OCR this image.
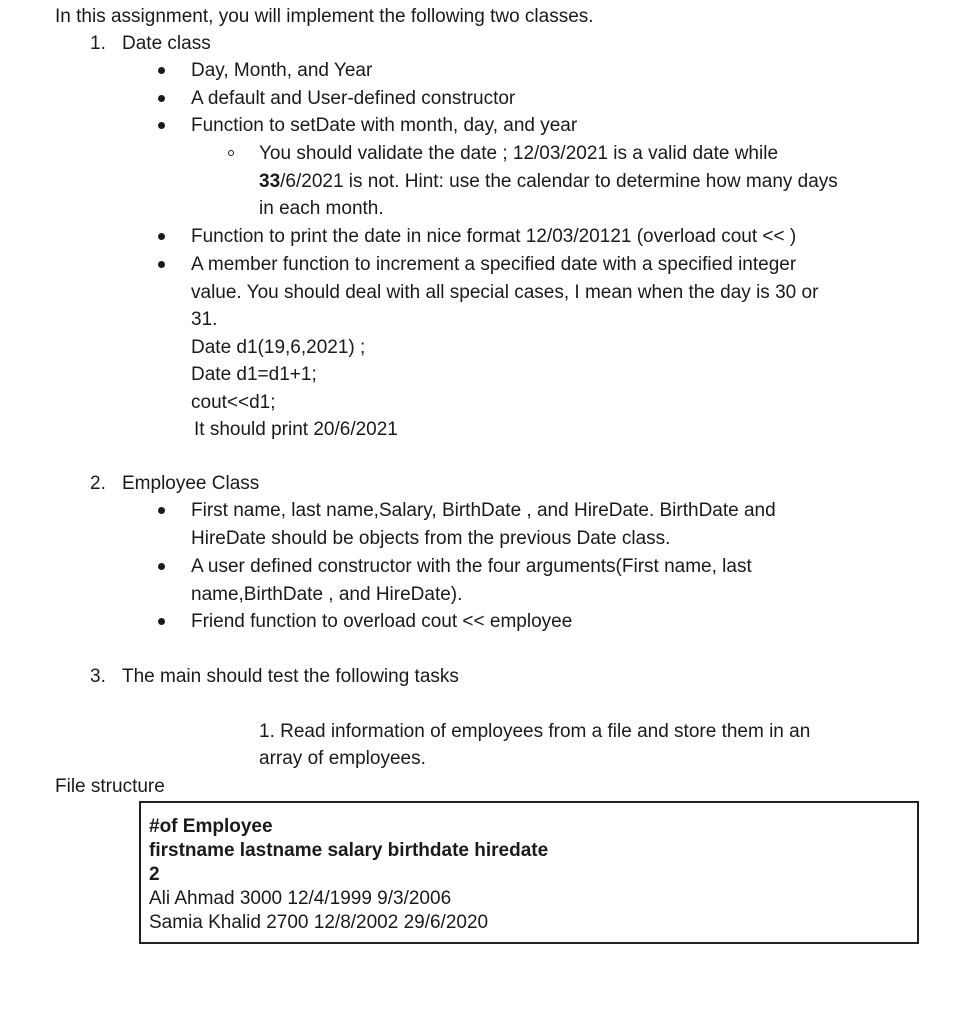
In this assignment, you will implement the following two classes.
1. Date class
Day, Month, and Year
A default and User-defined constructor
Function to setDate with month, day, and year
You should validate the date ; 12/03/2021 is a valid date while
33/6/2021 is not. Hint: use the calendar to determine how many days
in each month.
Function to print the date in nice format 12/03/20121 (overload cout << )
A member function to increment a specified date with a specified integer
value. You should deal with all special cases, I mean when the day is 30 or
31.
Date d1(19,6,2021) ;
Date d1=d1+1;
cout<<d1;
It should print 20/6/2021
2. Employee Class
First name, last name,Salary, BirthDate , and HireDate. BirthDate and
HireDate should be objects from the previous Date class.
A user defined constructor with the four arguments(First name, last
name,BirthDate , and HireDate).
Friend function to overload cout << employee
3. The main should test the following tasks
1. Read information of employees from a file and store them in an
array of employees.
File structure
#of Employee
firstname lastname salary birthdate hiredate
2
Ali Ahmad 3000 12/4/1999 9/3/2006
Samia Khalid 2700 12/8/2002 29/6/2020
